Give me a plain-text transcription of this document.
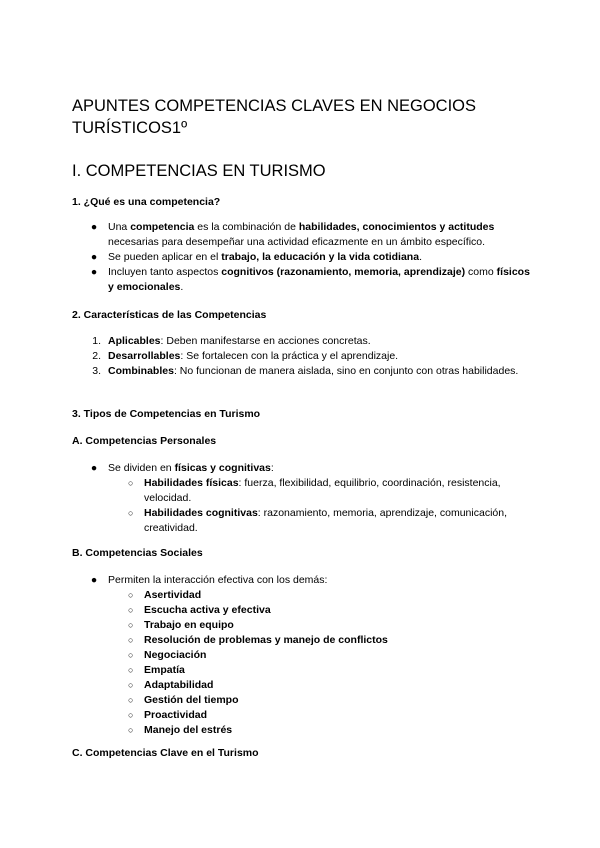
APUNTES COMPETENCIAS CLAVES EN NEGOCIOS
TURÍSTICOS1º
I. COMPETENCIAS EN TURISMO
1. ¿Qué es una competencia?
●	Una competencia es la combinación de habilidades, conocimientos y actitudes necesarias para desempeñar una actividad eficazmente en un ámbito específico.
●	Se pueden aplicar en el trabajo, la educación y la vida cotidiana.
●	Incluyen tanto aspectos cognitivos (razonamiento, memoria, aprendizaje) como físicos y emocionales.
2. Características de las Competencias
1. Aplicables: Deben manifestarse en acciones concretas.
2. Desarrollables: Se fortalecen con la práctica y el aprendizaje.
3. Combinables: No funcionan de manera aislada, sino en conjunto con otras habilidades.
3. Tipos de Competencias en Turismo
A. Competencias Personales
●	Se dividen en físicas y cognitivas:
○ Habilidades físicas: fuerza, flexibilidad, equilibrio, coordinación, resistencia, velocidad.
○ Habilidades cognitivas: razonamiento, memoria, aprendizaje, comunicación, creatividad.
B. Competencias Sociales
●	Permiten la interacción efectiva con los demás:
○ Asertividad
○ Escucha activa y efectiva
○ Trabajo en equipo
○ Resolución de problemas y manejo de conflictos
○ Negociación
○ Empatía
○ Adaptabilidad
○ Gestión del tiempo
○ Proactividad
○ Manejo del estrés
C. Competencias Clave en el Turismo
